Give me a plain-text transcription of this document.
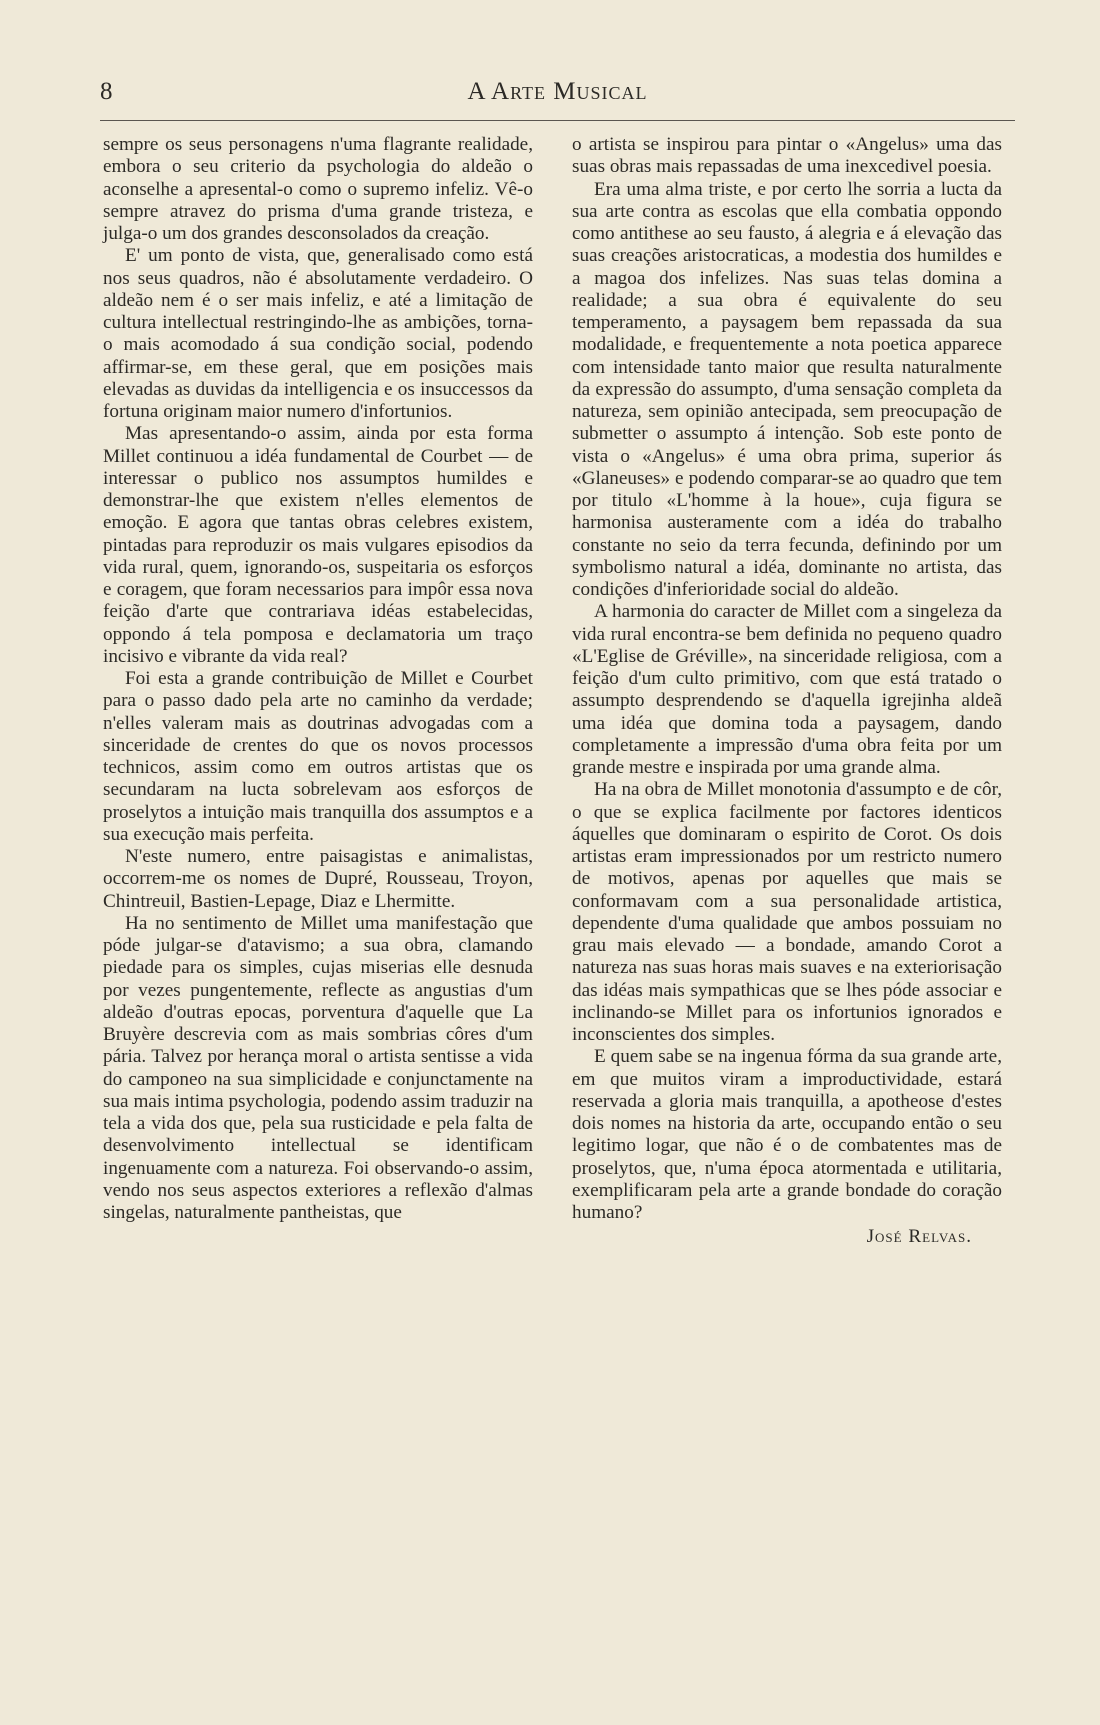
8	A Arte Musical

sempre os seus personagens n'uma flagrante realidade, embora o seu criterio da psychologia do aldeão o aconselhe a apresental-o como o supremo infeliz. Vê-o sempre atravez do prisma d'uma grande tristeza, e julga-o um dos grandes desconsolados da creação.

E' um ponto de vista, que, generalisado como está nos seus quadros, não é absolutamente verdadeiro. O aldeão nem é o ser mais infeliz, e até a limitação de cultura intellectual restringindo-lhe as ambições, torna-o mais acomodado á sua condição social, podendo affirmar-se, em these geral, que em posições mais elevadas as duvidas da intelligencia e os insuccessos da fortuna originam maior numero d'infortunios.

Mas apresentando-o assim, ainda por esta forma Millet continuou a idéa fundamental de Courbet — de interessar o publico nos assumptos humildes e demonstrar-lhe que existem n'elles elementos de emoção. E agora que tantas obras celebres existem, pintadas para reproduzir os mais vulgares episodios da vida rural, quem, ignorando-os, suspeitaria os esforços e coragem, que foram necessarios para impôr essa nova feição d'arte que contrariava idéas estabelecidas, oppondo á tela pomposa e declamatoria um traço incisivo e vibrante da vida real?

Foi esta a grande contribuição de Millet e Courbet para o passo dado pela arte no caminho da verdade; n'elles valeram mais as doutrinas advogadas com a sinceridade de crentes do que os novos processos technicos, assim como em outros artistas que os secundaram na lucta sobrelevam aos esforços de proselytos a intuição mais tranquilla dos assumptos e a sua execução mais perfeita.

N'este numero, entre paisagistas e animalistas, occorrem-me os nomes de Dupré, Rousseau, Troyon, Chintreuil, Bastien-Lepage, Diaz e Lhermitte.

Ha no sentimento de Millet uma manifestação que póde julgar-se d'atavismo; a sua obra, clamando piedade para os simples, cujas miserias elle desnuda por vezes pungentemente, reflecte as angustias d'um aldeão d'outras epocas, porventura d'aquelle que La Bruyère descrevia com as mais sombrias côres d'um pária. Talvez por herança moral o artista sentisse a vida do camponeo na sua simplicidade e conjunctamente na sua mais intima psychologia, podendo assim traduzir na tela a vida dos que, pela sua rusticidade e pela falta de desenvolvimento intellectual se identificam ingenuamente com a natureza. Foi observando-o assim, vendo nos seus aspectos exteriores a reflexão d'almas singelas, naturalmente pantheistas, que

o artista se inspirou para pintar o «Angelus» uma das suas obras mais repassadas de uma inexcedivel poesia.

Era uma alma triste, e por certo lhe sorria a lucta da sua arte contra as escolas que ella combatia oppondo como antithese ao seu fausto, á alegria e á elevação das suas creações aristocraticas, a modestia dos humildes e a magoa dos infelizes. Nas suas telas domina a realidade; a sua obra é equivalente do seu temperamento, a paysagem bem repassada da sua modalidade, e frequentemente a nota poetica apparece com intensidade tanto maior que resulta naturalmente da expressão do assumpto, d'uma sensação completa da natureza, sem opinião antecipada, sem preocupação de submetter o assumpto á intenção. Sob este ponto de vista o «Angelus» é uma obra prima, superior ás «Glaneuses» e podendo comparar-se ao quadro que tem por titulo «L'homme à la houe», cuja figura se harmonisa austeramente com a idéa do trabalho constante no seio da terra fecunda, definindo por um symbolismo natural a idéa, dominante no artista, das condições d'inferioridade social do aldeão.

A harmonia do caracter de Millet com a singeleza da vida rural encontra-se bem definida no pequeno quadro «L'Eglise de Gréville», na sinceridade religiosa, com a feição d'um culto primitivo, com que está tratado o assumpto desprendendo se d'aquella igrejinha aldeã uma idéa que domina toda a paysagem, dando completamente a impressão d'uma obra feita por um grande mestre e inspirada por uma grande alma.

Ha na obra de Millet monotonia d'assumpto e de côr, o que se explica facilmente por factores identicos áquelles que dominaram o espirito de Corot. Os dois artistas eram impressionados por um restricto numero de motivos, apenas por aquelles que mais se conformavam com a sua personalidade artistica, dependente d'uma qualidade que ambos possuiam no grau mais elevado — a bondade, amando Corot a natureza nas suas horas mais suaves e na exteriorisação das idéas mais sympathicas que se lhes póde associar e inclinando-se Millet para os infortunios ignorados e inconscientes dos simples.

E quem sabe se na ingenua fórma da sua grande arte, em que muitos viram a improductividade, estará reservada a gloria mais tranquilla, a apotheose d'estes dois nomes na historia da arte, occupando então o seu legitimo logar, que não é o de combatentes mas de proselytos, que, n'uma época atormentada e utilitaria, exemplificaram pela arte a grande bondade do coração humano?

José Relvas.
